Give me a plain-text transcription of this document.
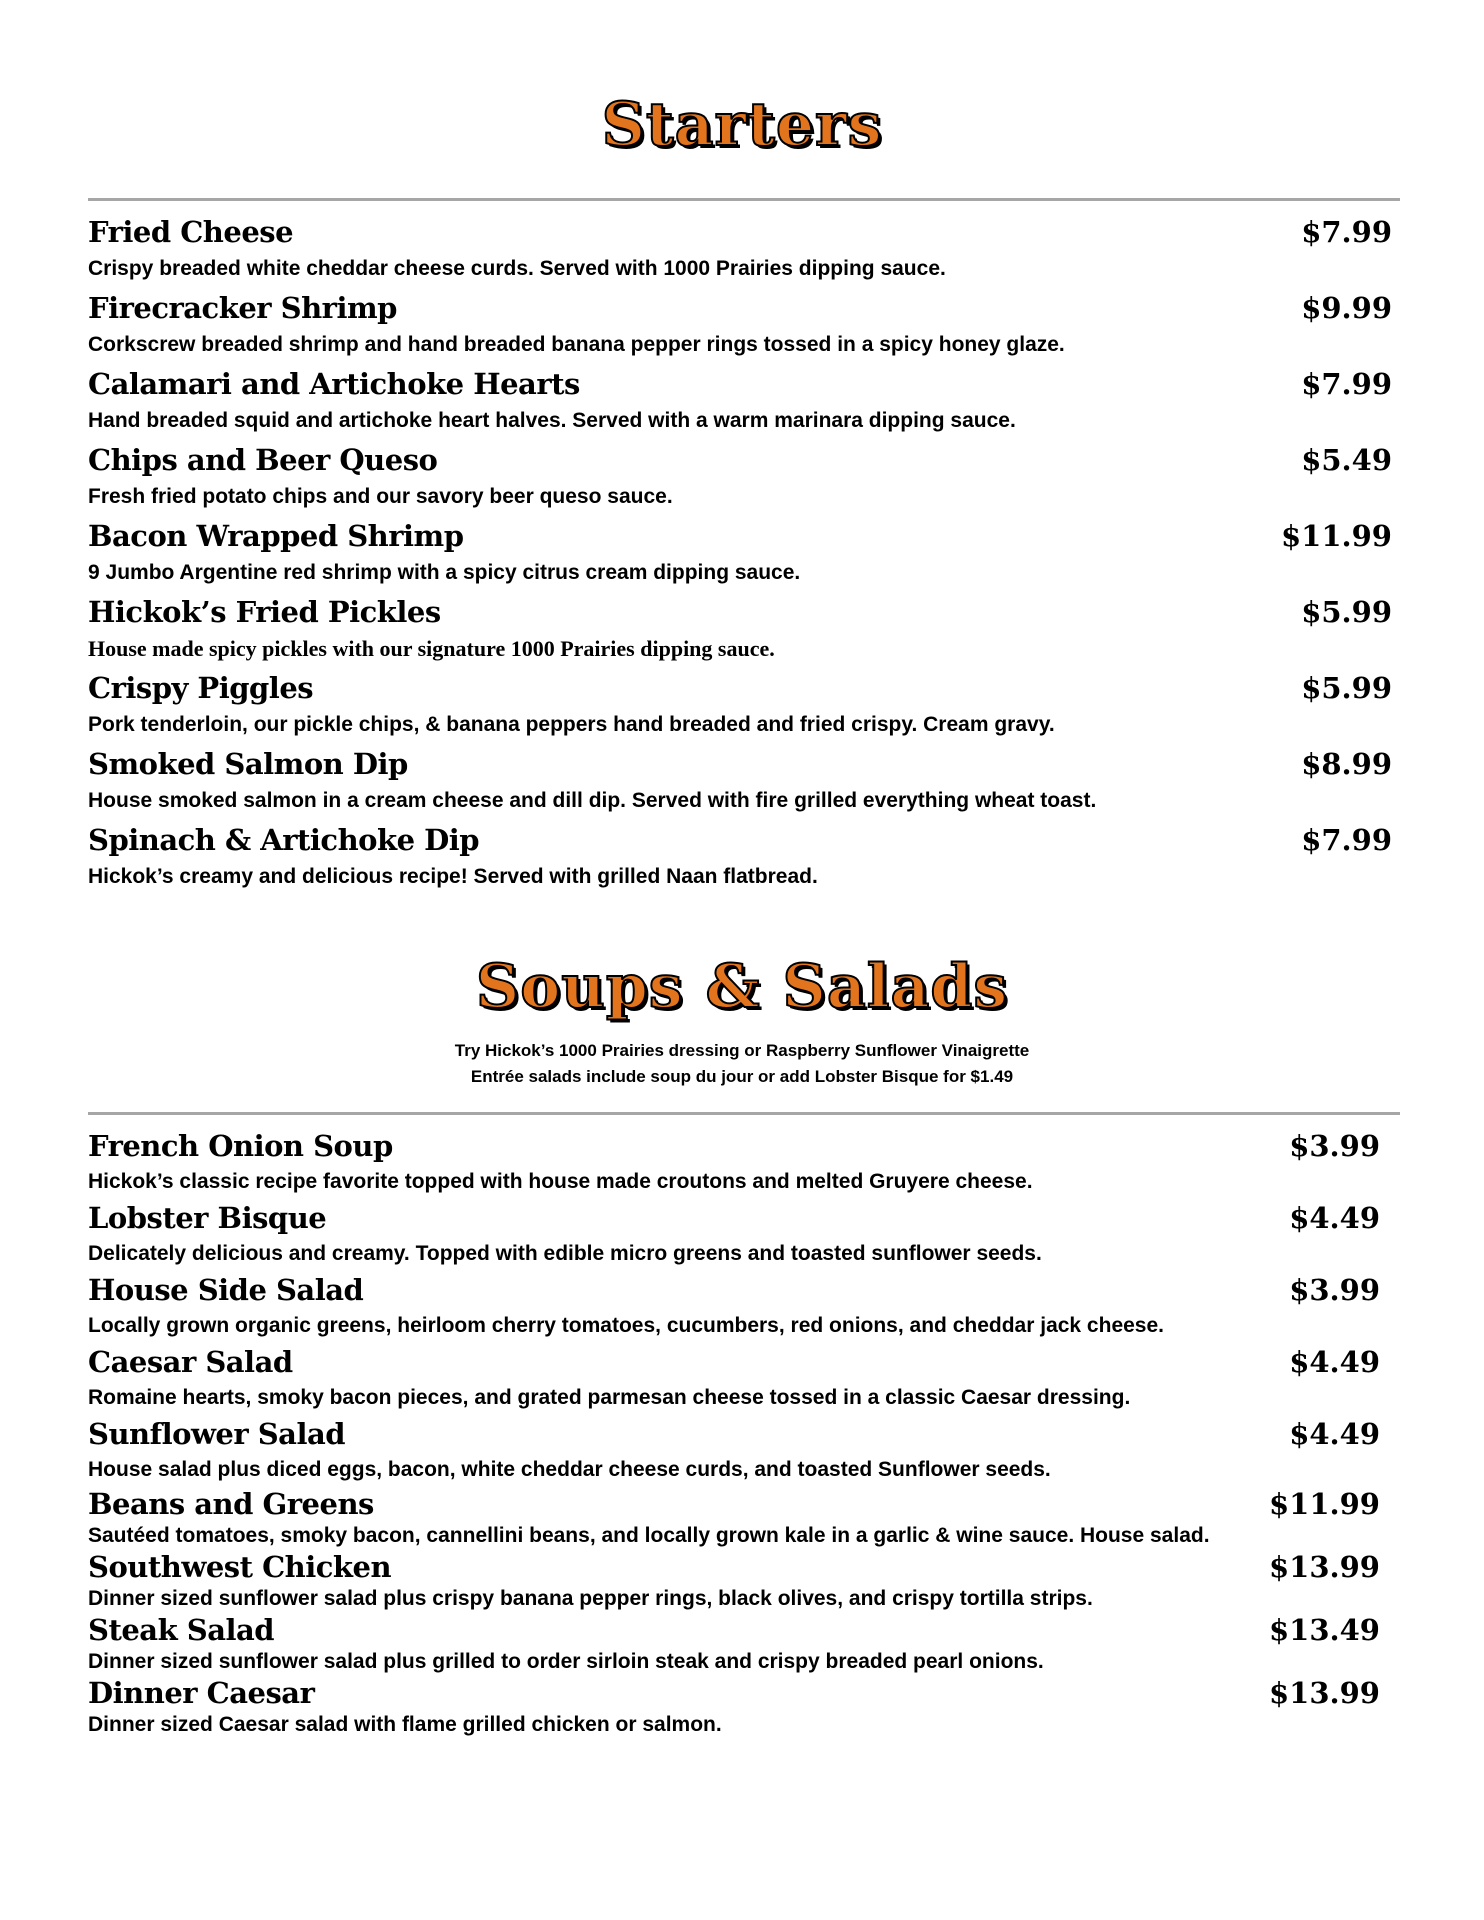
Starters
Fried Cheese	$7.99
Crispy breaded white cheddar cheese curds. Served with 1000 Prairies dipping sauce.
Firecracker Shrimp	$9.99
Corkscrew breaded shrimp and hand breaded banana pepper rings tossed in a spicy honey glaze.
Calamari and Artichoke Hearts	$7.99
Hand breaded squid and artichoke heart halves. Served with a warm marinara dipping sauce.
Chips and Beer Queso	$5.49
Fresh fried potato chips and our savory beer queso sauce.
Bacon Wrapped Shrimp	$11.99
9 Jumbo Argentine red shrimp with a spicy citrus cream dipping sauce.
Hickok’s Fried Pickles	$5.99
House made spicy pickles with our signature 1000 Prairies dipping sauce.
Crispy Piggles	$5.99
Pork tenderloin, our pickle chips, & banana peppers hand breaded and fried crispy. Cream gravy.
Smoked Salmon Dip	$8.99
House smoked salmon in a cream cheese and dill dip. Served with fire grilled everything wheat toast.
Spinach & Artichoke Dip	$7.99
Hickok’s creamy and delicious recipe! Served with grilled Naan flatbread.
Soups & Salads
Try Hickok’s 1000 Prairies dressing or Raspberry Sunflower Vinaigrette
Entrée salads include soup du jour or add Lobster Bisque for $1.49
French Onion Soup	$3.99
Hickok’s classic recipe favorite topped with house made croutons and melted Gruyere cheese.
Lobster Bisque	$4.49
Delicately delicious and creamy. Topped with edible micro greens and toasted sunflower seeds.
House Side Salad	$3.99
Locally grown organic greens, heirloom cherry tomatoes, cucumbers, red onions, and cheddar jack cheese.
Caesar Salad	$4.49
Romaine hearts, smoky bacon pieces, and grated parmesan cheese tossed in a classic Caesar dressing.
Sunflower Salad	$4.49
House salad plus diced eggs, bacon, white cheddar cheese curds, and toasted Sunflower seeds.
Beans and Greens	$11.99
Sautéed tomatoes, smoky bacon, cannellini beans, and locally grown kale in a garlic & wine sauce. House salad.
Southwest Chicken	$13.99
Dinner sized sunflower salad plus crispy banana pepper rings, black olives, and crispy tortilla strips.
Steak Salad	$13.49
Dinner sized sunflower salad plus grilled to order sirloin steak and crispy breaded pearl onions.
Dinner Caesar	$13.99
Dinner sized Caesar salad with flame grilled chicken or salmon.
